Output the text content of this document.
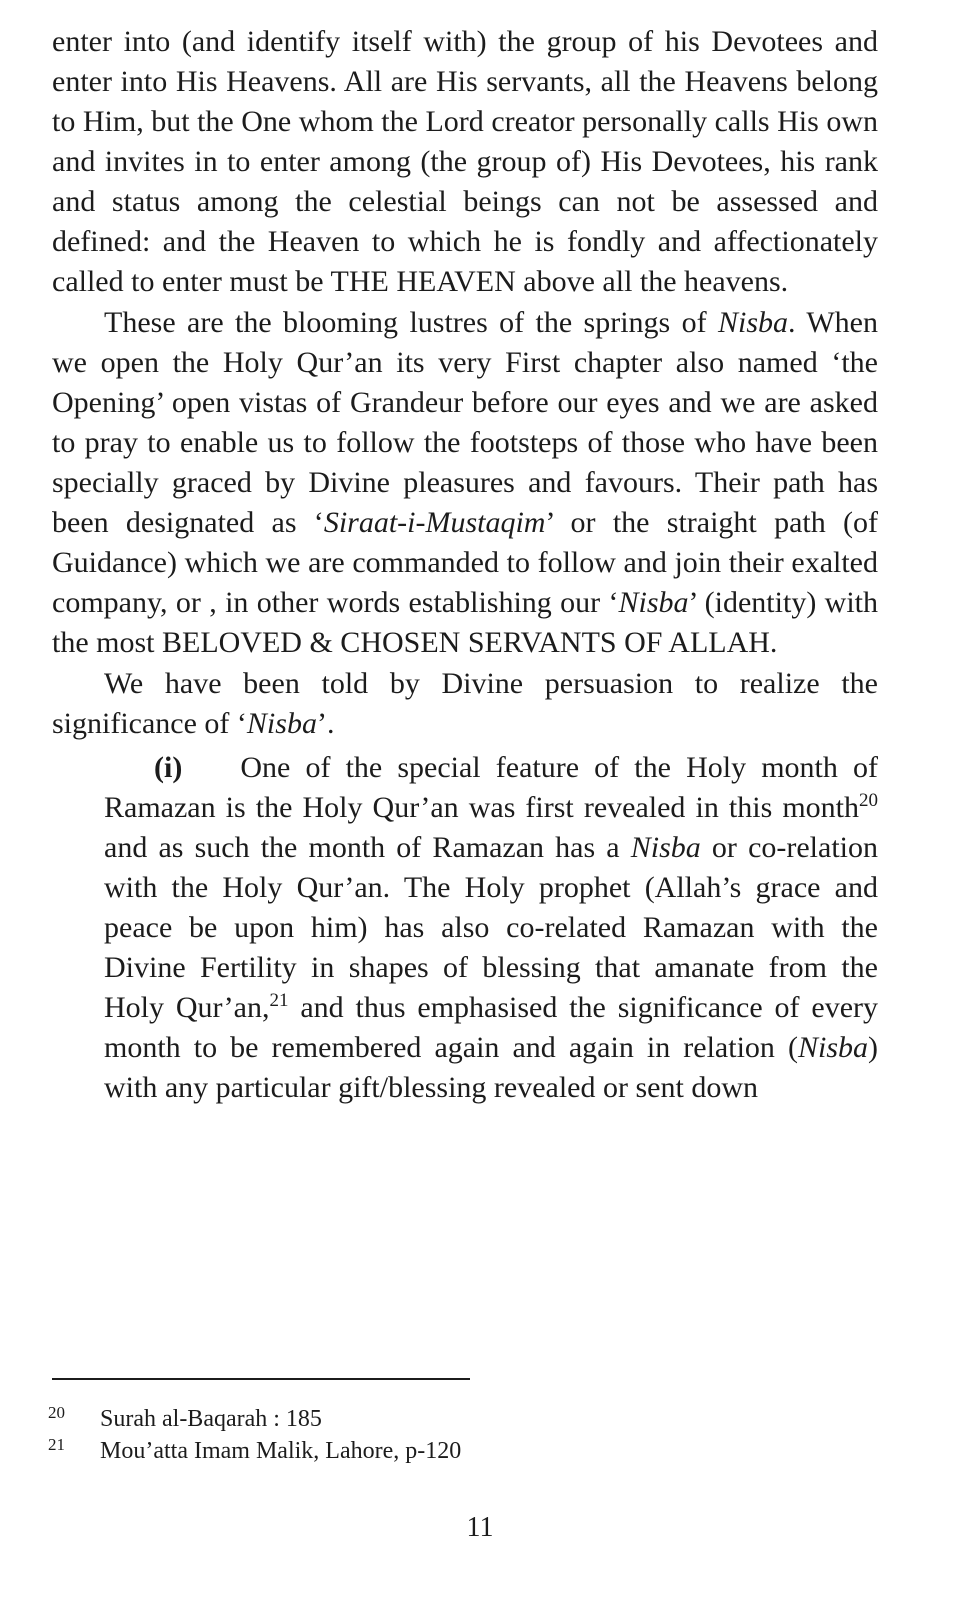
enter into (and identify itself with) the group of his Devotees and enter into His Heavens. All are His servants, all the Heavens belong to Him, but the One whom the Lord creator personally calls His own and invites in to enter among (the group of) His Devotees, his rank and status among the celestial beings can not be assessed and defined: and the Heaven to which he is fondly and affectionately called to enter must be THE HEAVEN above all the heavens.

These are the blooming lustres of the springs of Nisba. When we open the Holy Qur’an its very First chapter also named ‘the Opening’ open vistas of Grandeur before our eyes and we are asked to pray to enable us to follow the footsteps of those who have been specially graced by Divine pleasures and favours. Their path has been designated as ‘Siraat-i-Mustaqim’ or the straight path (of Guidance) which we are commanded to follow and join their exalted company, or , in other words establishing our ‘Nisba’ (identity) with the most BELOVED & CHOSEN SERVANTS OF ALLAH.

We have been told by Divine persuasion to realize the significance of ‘Nisba’.

(i) One of the special feature of the Holy month of Ramazan is the Holy Qur’an was first revealed in this month$^{20}$ and as such the month of Ramazan has a Nisba or co-relation with the Holy Qur’an. The Holy prophet (Allah’s grace and peace be upon him) has also co-related Ramazan with the Divine Fertility in shapes of blessing that amanate from the Holy Qur’an,$^{21}$ and thus emphasised the significance of every month to be remembered again and again in relation (Nisba) with any particular gift/blessing revealed or sent down

20	Surah al-Baqarah : 185
21	Mou’atta Imam Malik, Lahore, p-120
11
